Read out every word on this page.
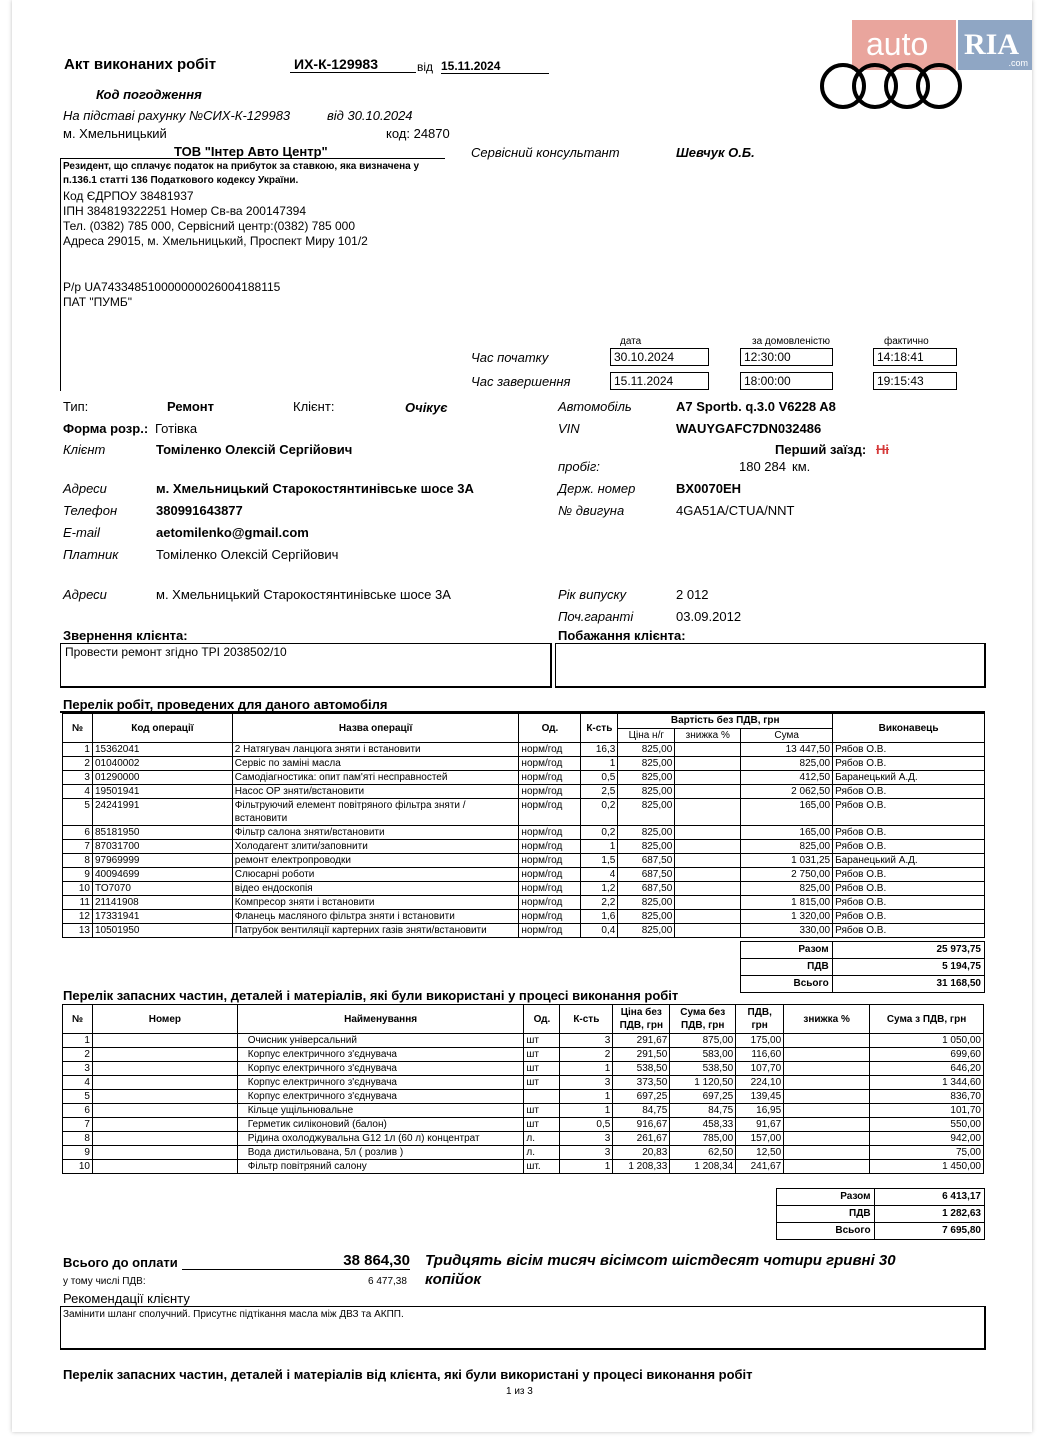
auto RIA
.com
Акт виконаних робіт	ИХ-К-129983	від 15.11.2024
Код погодження
На підставі рахунку №СИХ-К-129983	від 30.10.2024
м. Хмельницький	код: 24870
ТОВ "Інтер Авто Центр"
Резидент, що сплачує податок на прибуток за ставкою, яка визначена у
п.136.1 статті 136 Податкового кодексу України.
Код ЄДРПОУ 38481937
ІПН 384819322251 Номер Св-ва 200147394
Тел. (0382) 785 000, Сервісний центр:(0382) 785 000
Адреса 29015, м. Хмельницький, Проспект Миру 101/2
Р/р UA743348510000000026004188115
ПАТ "ПУМБ"
Сервісний консультант	Шевчук О.Б.
дата	за домовленістю	фактично
Час початку
Час завершення
30.10.2024	12:30:00	14:18:41
15.11.2024	18:00:00	19:15:43
Тип:	Ремонт	Клієнт:	Очікує
Форма розр.: Готівка
Клієнт	Томіленко Олексій Сергійович
Адреси	м. Хмельницький Старокостянтинівське шосе 3А
Телефон	380991643877
E-mail	aetomilenko@gmail.com
Платник	Томіленко Олексій Сергійович
Адреси	м. Хмельницький Старокостянтинівське шосе 3А
Автомобіль	A7 Sportb. q.3.0 V6228 A8
VIN	WAUYGAFC7DN032486
Перший заїзд: Ні
пробіг:	180 284 км.
Держ. номер	BX0070EH
№ двигуна	4GA51A/CTUA/NNT
Рік випуску	2 012
Поч.гаранті	03.09.2012
Звернення клієнта:	Побажання клієнта:
Провести ремонт згідно TPI 2038502/10
Перелік робіт, проведених для даного автомобіля
№	Код операції	Назва операції	Од.	К-сть	Вартість без ПДВ, грн			Виконавець
					Ціна н/г	знижка %	Сума	
1	15362041	2 Натягувач ланцюга зняти і встановити	норм/год	16,3	825,00		13 447,50	Рябов О.В.
2	01040002	Сервіс по заміні масла	норм/год	1	825,00		825,00	Рябов О.В.
3	01290000	Самодіагностика: опит пам'яті несправностей	норм/год	0,5	825,00		412,50	Баранецький А.Д.
4	19501941	Насос ОР зняти/встановити	норм/год	2,5	825,00		2 062,50	Рябов О.В.
5	24241991	Фільтруючий елемент повітряного фільтра зняти / встановити	норм/год	0,2	825,00		165,00	Рябов О.В.
6	85181950	Фільтр салона зняти/встановити	норм/год	0,2	825,00		165,00	Рябов О.В.
7	87031700	Холодагент злити/заповнити	норм/год	1	825,00		825,00	Рябов О.В.
8	97969999	ремонт електропроводки	норм/год	1,5	687,50		1 031,25	Баранецький А.Д.
9	40094699	Слюсарні роботи	норм/год	4	687,50		2 750,00	Рябов О.В.
10	TO7070	відео ендоскопія	норм/год	1,2	687,50		825,00	Рябов О.В.
11	21141908	Компресор зняти і встановити	норм/год	2,2	825,00		1 815,00	Рябов О.В.
12	17331941	Фланець масляного фільтра зняти і встановити	норм/год	1,6	825,00		1 320,00	Рябов О.В.
13	10501950	Патрубок вентиляції картерних газів зняти/встановити	норм/год	0,4	825,00		330,00	Рябов О.В.
Разом	25 973,75
ПДВ	5 194,75
Всього	31 168,50
Перелік запасних частин, деталей і матеріалів, які були використані у процесі виконання робіт
№	Номер	Найменування	Од.	К-сть	Ціна без ПДВ, грн	Сума без ПДВ, грн	ПДВ, грн	знижка %	Сума з ПДВ, грн
1		Очисник універсальний	шт	3	291,67	875,00	175,00		1 050,00
2		Корпус електричного з'єднувача	шт	2	291,50	583,00	116,60		699,60
3		Корпус електричного з'єднувача	шт	1	538,50	538,50	107,70		646,20
4		Корпус електричного з'єднувача	шт	3	373,50	1 120,50	224,10		1 344,60
5		Корпус електричного з'єднувача		1	697,25	697,25	139,45		836,70
6		Кільце ущільнювальне	шт	1	84,75	84,75	16,95		101,70
7		Герметик силіконовий (балон)	шт	0,5	916,67	458,33	91,67		550,00
8		Рідина охолоджувальна G12 1л (60 л) концентрат	л.	3	261,67	785,00	157,00		942,00
9		Вода дистильована, 5л ( розлив )	л.	3	20,83	62,50	12,50		75,00
10		Фільтр повітряний салону	шт.	1	1 208,33	1 208,34	241,67		1 450,00
Разом	6 413,17
ПДВ	1 282,63
Всього	7 695,80
Всього до оплати	38 864,30 Тридцять вісім тисяч вісімсот шістдесят чотири гривні 30 копійок
у тому числі ПДВ:	6 477,38
Рекомендації клієнту
Замінити шланг сполучний. Присутнє підтікання масла між ДВЗ та АКПП.
Перелік запасних частин, деталей і матеріалів від клієнта, які були використані у процесі виконання робіт
1 из 3
